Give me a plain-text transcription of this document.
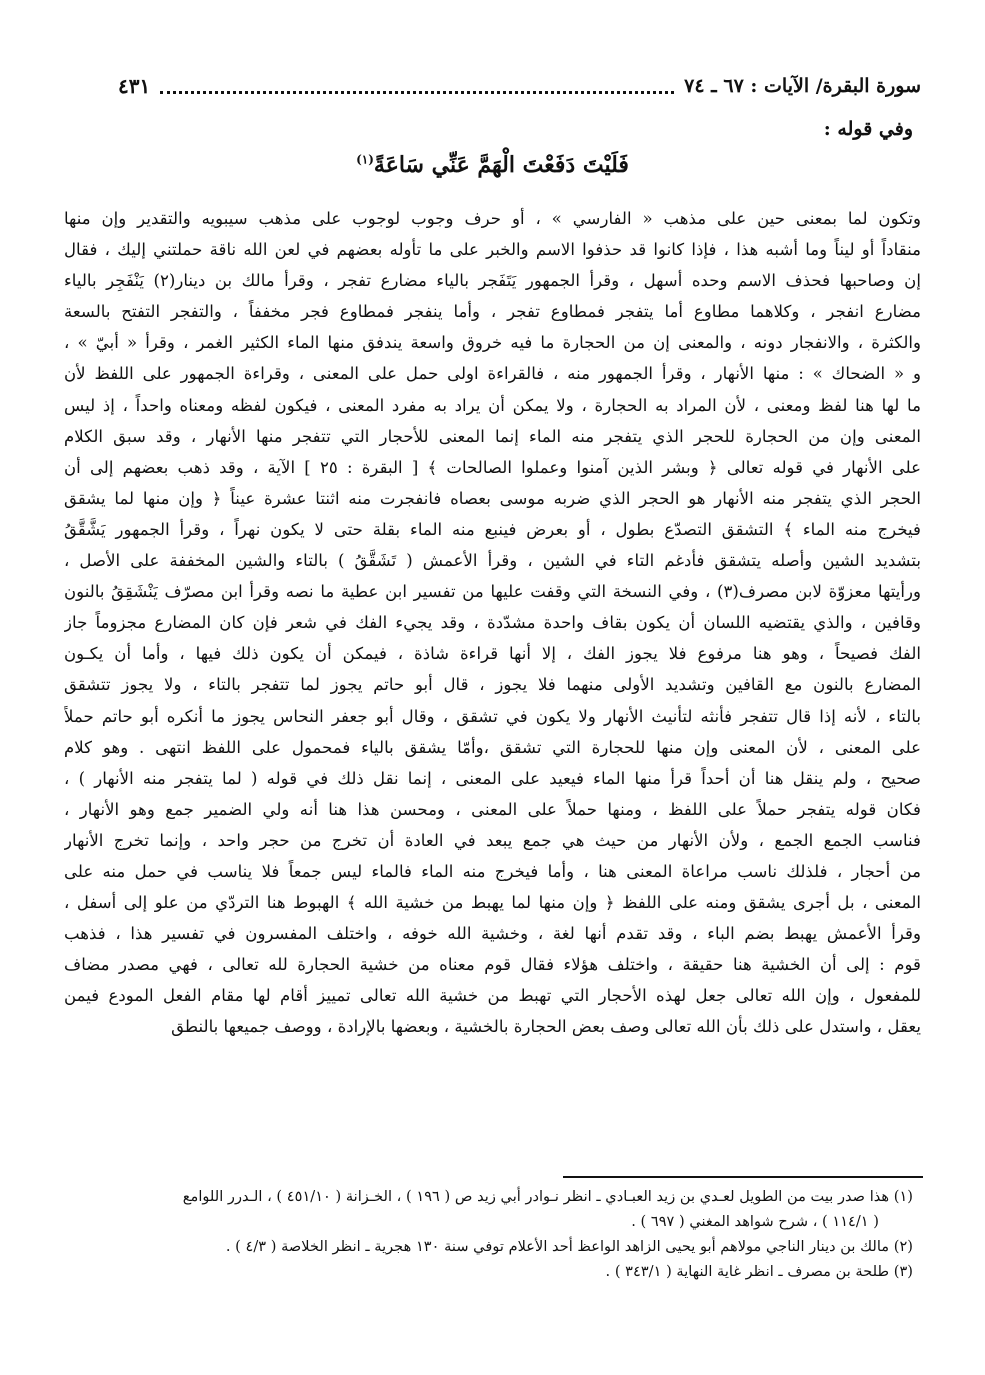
سورة البقرة/ الآيات : ٦٧ ـ ٧٤
٤٣١
وفي قوله :
فَلَيْتَ دَفَعْتَ الْهَمَّ عَنِّي سَاعَةً$^{(١)}$
وتكون لما بمعنى حين على مذهب « الفارسي » ، أو حرف وجوب لوجوب على مذهب سيبويه والتقدير وإن منها
منقاداً أو ليناً وما أشبه هذا ، فإذا كانوا قد حذفوا الاسم والخبر على ما تأوله بعضهم في لعن الله ناقة حملتني إليك ، فقال
إن وصاحبها فحذف الاسم وحده أسهل ، وقرأ الجمهور يَتَفَجر بالياء مضارع تفجر ، وقرأ مالك بن دينار(٢) يَنْفَجِر بالياء
مضارع انفجر ، وكلاهما مطاوع أما يتفجر فمطاوع تفجر ، وأما ينفجر فمطاوع فجر مخففاً ، والتفجر التفتح بالسعة
والكثرة ، والانفجار دونه ، والمعنى إن من الحجارة ما فيه خروق واسعة يندفق منها الماء الكثير الغمر ، وقرأ « أبيّ » ،
و « الضحاك » : منها الأنهار ، وقرأ الجمهور منه ، فالقراءة اولى حمل على المعنى ، وقراءة الجمهور على اللفظ لأن
ما لها هنا لفظ ومعنى ، لأن المراد به الحجارة ، ولا يمكن أن يراد به مفرد المعنى ، فيكون لفظه ومعناه واحداً ، إذ ليس
المعنى وإن من الحجارة للحجر الذي يتفجر منه الماء إنما المعنى للأحجار التي تتفجر منها الأنهار ، وقد سبق الكلام
على الأنهار في قوله تعالى ﴿ وبشر الذين آمنوا وعملوا الصالحات ﴾ [ البقرة : ٢٥ ] الآية ، وقد ذهب بعضهم إلى أن
الحجر الذي يتفجر منه الأنهار هو الحجر الذي ضربه موسى بعصاه فانفجرت منه اثنتا عشرة عيناً ﴿ وإن منها لما يشقق
فيخرج منه الماء ﴾ التشقق التصدّع بطول ، أو بعرض فينبع منه الماء بقلة حتى لا يكون نهراً ، وقرأ الجمهور يَشَّقَّقُ
بتشديد الشين وأصله يتشقق فأدغم التاء في الشين ، وقرأ الأعمش ( تَشَقَّقُ ) بالتاء والشين المخففة على الأصل ،
ورأيتها معزوّة لابن مصرف(٣) ، وفي النسخة التي وقفت عليها من تفسير ابن عطية ما نصه وقرأ ابن مصرّف يَنْشَقِقُ بالنون
وقافين ، والذي يقتضيه اللسان أن يكون بقاف واحدة مشدّدة ، وقد يجيء الفك في شعر فإن كان المضارع مجزوماً جاز
الفك فصيحاً ، وهو هنا مرفوع فلا يجوز الفك ، إلا أنها قراءة شاذة ، فيمكن أن يكون ذلك فيها ، وأما أن يكـون
المضارع بالنون مع القافين وتشديد الأولى منهما فلا يجوز ، قال أبو حاتم يجوز لما تتفجر بالتاء ، ولا يجوز تتشقق
بالتاء ، لأنه إذا قال تتفجر فأنثه لتأنيث الأنهار ولا يكون في تشقق ، وقال أبو جعفر النحاس يجوز ما أنكره أبو حاتم حملاً
على المعنى ، لأن المعنى وإن منها للحجارة التي تشقق ،وأمّا يشقق بالياء فمحمول على اللفظ انتهى . وهو كلام
صحيح ، ولم ينقل هنا أن أحداً قرأ منها الماء فيعيد على المعنى ، إنما نقل ذلك في قوله ( لما يتفجر منه الأنهار ) ،
فكان قوله يتفجر حملاً على اللفظ ، ومنها حملاً على المعنى ، ومحسن هذا هنا أنه ولي الضمير جمع وهو الأنهار ،
فناسب الجمع الجمع ، ولأن الأنهار من حيث هي جمع يبعد في العادة أن تخرج من حجر واحد ، وإنما تخرج الأنهار
من أحجار ، فلذلك ناسب مراعاة المعنى هنا ، وأما فيخرج منه الماء فالماء ليس جمعاً فلا يناسب في حمل منه على
المعنى ، بل أجرى يشقق ومنه على اللفظ ﴿ وإن منها لما يهبط من خشية الله ﴾ الهبوط هنا التردّي من علو إلى أسفل ،
وقرأ الأعمش يهبط بضم الباء ، وقد تقدم أنها لغة ، وخشية الله خوفه ، واختلف المفسرون في تفسير هذا ، فذهب
قوم : إلى أن الخشية هنا حقيقة ، واختلف هؤلاء فقال قوم معناه من خشية الحجارة لله تعالى ، فهي مصدر مضاف
للمفعول ، وإن الله تعالى جعل لهذه الأحجار التي تهبط من خشية الله تعالى تمييز أقام لها مقام الفعل المودع فيمن
يعقل ، واستدل على ذلك بأن الله تعالى وصف بعض الحجارة بالخشية ، وبعضها بالإرادة ، ووصف جميعها بالنطق
(١) هذا صدر بيت من الطويل لعـدي بن زيد العبـادي ـ انظر نـوادر أبي زيد ص ( ١٩٦ ) ، الخـزانة ( ٤٥١/١٠ ) ، الـدرر اللوامع
( ١١٤/١ ) ، شرح شواهد المغني ( ٦٩٧ ) .
(٢) مالك بن دينار الناجي مولاهم أبو يحيى الزاهد الواعظ أحد الأعلام توفي سنة ١٣٠ هجرية ـ انظر الخلاصة ( ٤/٣ ) .
(٣) طلحة بن مصرف ـ انظر غاية النهاية ( ٣٤٣/١ ) .
